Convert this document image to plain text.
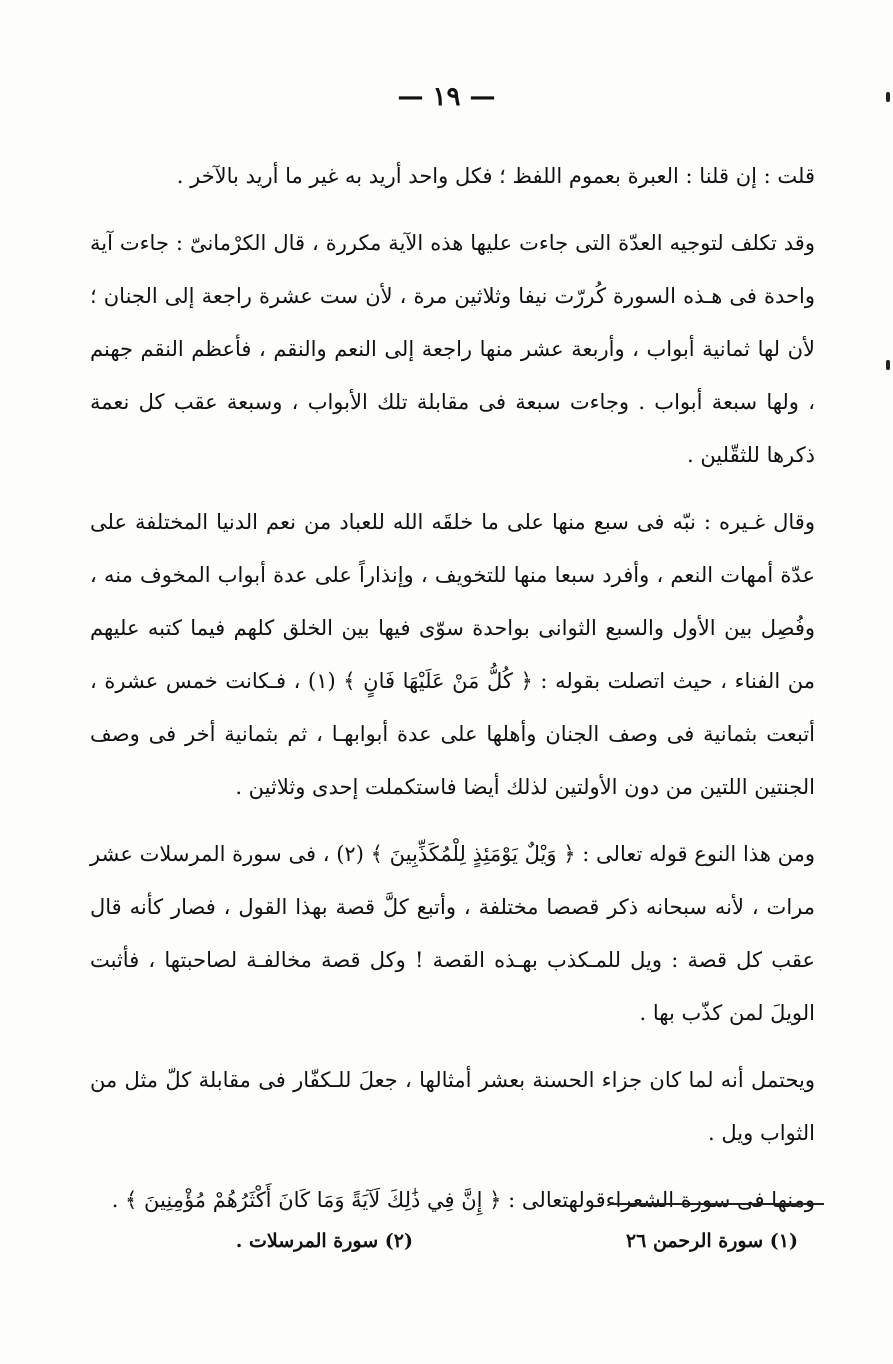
— ١٩ —

قلت : إن قلنا : العبرة بعموم اللفظ ؛ فكل واحد أريد به غير ما أريد بالآخر .

وقد تكلف لتوجيه العدّة التى جاءت عليها هذه الآية مكررة ، قال الكرْمانىّ : جاءت آية واحدة فى هـذه السورة كُررّت نيفا وثلاثين مرة ، لأن ست عشرة راجعة إلى الجنان ؛ لأن لها ثمانية أبواب ، وأربعة عشر منها راجعة إلى النعم والنقم ، فأعظم النقم جهنم ، ولها سبعة أبواب . وجاءت سبعة فى مقابلة تلك الأبواب ، وسبعة عقب كل نعمة ذكرها للثقّلين .

وقال غـيره : نبّه فى سبع منها على ما خلقَه الله للعباد من نعم الدنيا المختلفة على عدّة أمهات النعم ، وأفرد سبعا منها للتخويف ، وإنذاراً على عدة أبواب المخوف منه ، وفُصِل بين الأول والسبع الثوانى بواحدة سوّى فيها بين الخلق كلهم فيما كتبه عليهم من الفناء ، حيث اتصلت بقوله : ﴿ كُلُّ مَنْ عَلَيْهَا فَانٍ ﴾ (١) ، فـكانت خمس عشرة ، أتبعت بثمانية فى وصف الجنان وأهلها على عدة أبوابهـا ، ثم بثمانية أخر فى وصف الجنتين اللتين من دون الأولتين لذلك أيضا فاستكملت إحدى وثلاثين .

ومن هذا النوع قوله تعالى : ﴿ وَيْلٌ يَوْمَئِذٍ لِلْمُكَذِّبِينَ ﴾ (٢) ، فى سورة المرسلات عشر مرات ، لأنه سبحانه ذكر قصصا مختلفة ، وأتبع كلَّ قصة بهذا القول ، فصار كأنه قال عقب كل قصة : ويل للمـكذب بهـذه القصة ! وكل قصة مخالفـة لصاحبتها ، فأثبت الويلَ لمن كذّب بها .

ويحتمل أنه لما كان جزاء الحسنة بعشر أمثالها ، جعلَ للـكفّار فى مقابلة كلّ مثل من الثواب ويل .

ومنها فى سورة الشعراءقولهتعالى : ﴿ إِنَّ فِي ذَٰلِكَ لَآيَةً وَمَا كَانَ أَكْثَرُهُمْ مُؤْمِنِينَ ﴾ .

(١) سورة الرحمن ٢٦
(٢) سورة المرسلات .
